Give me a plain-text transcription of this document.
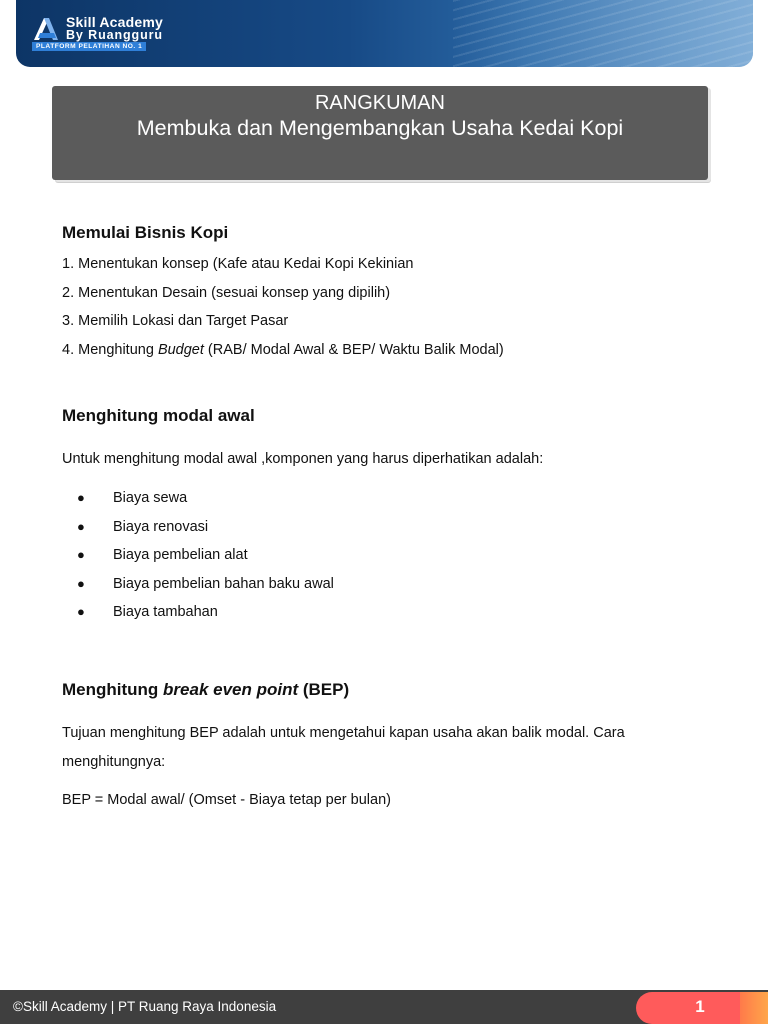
Skill Academy
By Ruangguru
PLATFORM PELATIHAN NO. 1
RANGKUMAN
Membuka dan Mengembangkan Usaha Kedai Kopi

Memulai Bisnis Kopi

1. Menentukan konsep (Kafe atau Kedai Kopi Kekinian

2. Menentukan Desain (sesuai konsep yang dipilih)

3. Memilih Lokasi dan Target Pasar

4. Menghitung Budget (RAB/ Modal Awal & BEP/ Waktu Balik Modal)

Menghitung modal awal

Untuk menghitung modal awal ,komponen yang harus diperhatikan adalah:

● Biaya sewa
● Biaya renovasi
● Biaya pembelian alat
● Biaya pembelian bahan baku awal
● Biaya tambahan

Menghitung break even point (BEP)

Tujuan menghitung BEP adalah untuk mengetahui kapan usaha akan balik modal. Cara menghitungnya:

BEP = Modal awal/ (Omset - Biaya tetap per bulan)

©Skill Academy | PT Ruang Raya Indonesia	1
